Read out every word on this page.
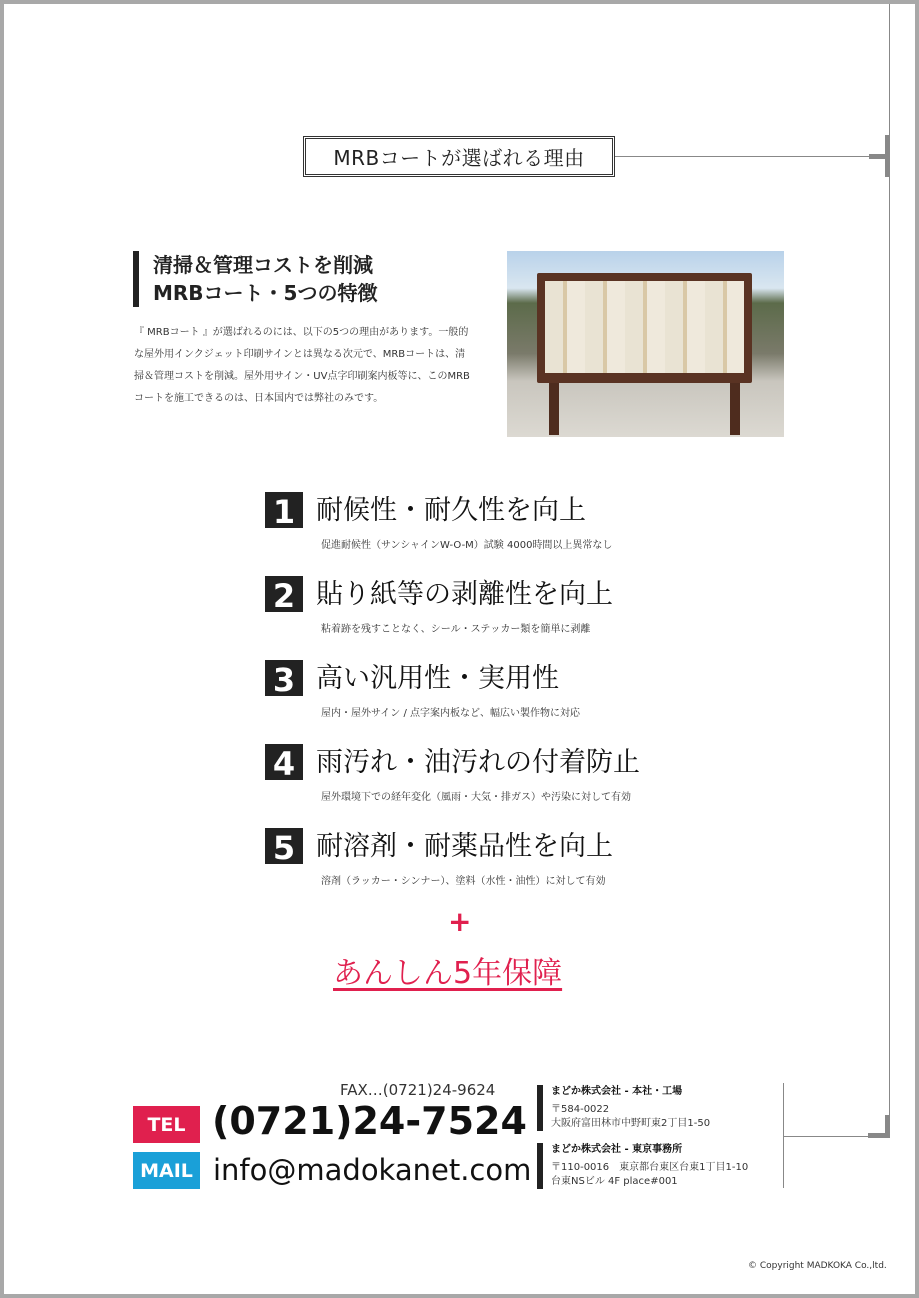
MRBコートが選ばれる理由
清掃＆管理コストを削減
MRBコート・5つの特徴
『 MRBコート 』が選ばれるのには、以下の5つの理由があります。一般的な屋外用インクジェット印刷サインとは異なる次元で、MRBコートは、清掃＆管理コストを削減。屋外用サイン・UV点字印刷案内板等に、このMRBコートを施工できるのは、日本国内では弊社のみです。
1 耐候性・耐久性を向上
促進耐候性（サンシャインW-O-M）試験 4000時間以上異常なし
2 貼り紙等の剥離性を向上
粘着跡を残すことなく、シール・ステッカー類を簡単に剥離
3 高い汎用性・実用性
屋内・屋外サイン / 点字案内板など、幅広い製作物に対応
4 雨汚れ・油汚れの付着防止
屋外環境下での経年変化（風雨・大気・排ガス）や汚染に対して有効
5 耐溶剤・耐薬品性を向上
溶剤（ラッカー・シンナー）、塗料（水性・油性）に対して有効
+
あんしん5年保障
FAX…(0721)24-9624
TEL (0721)24-7524
MAIL info@madokanet.com
まどか株式会社 - 本社・工場
〒584-0022
大阪府富田林市中野町東2丁目1-50
まどか株式会社 - 東京事務所
〒110-0016　東京都台東区台東1丁目1-10
台東NSビル 4F place#001
© Copyright MADKOKA Co.,ltd.
